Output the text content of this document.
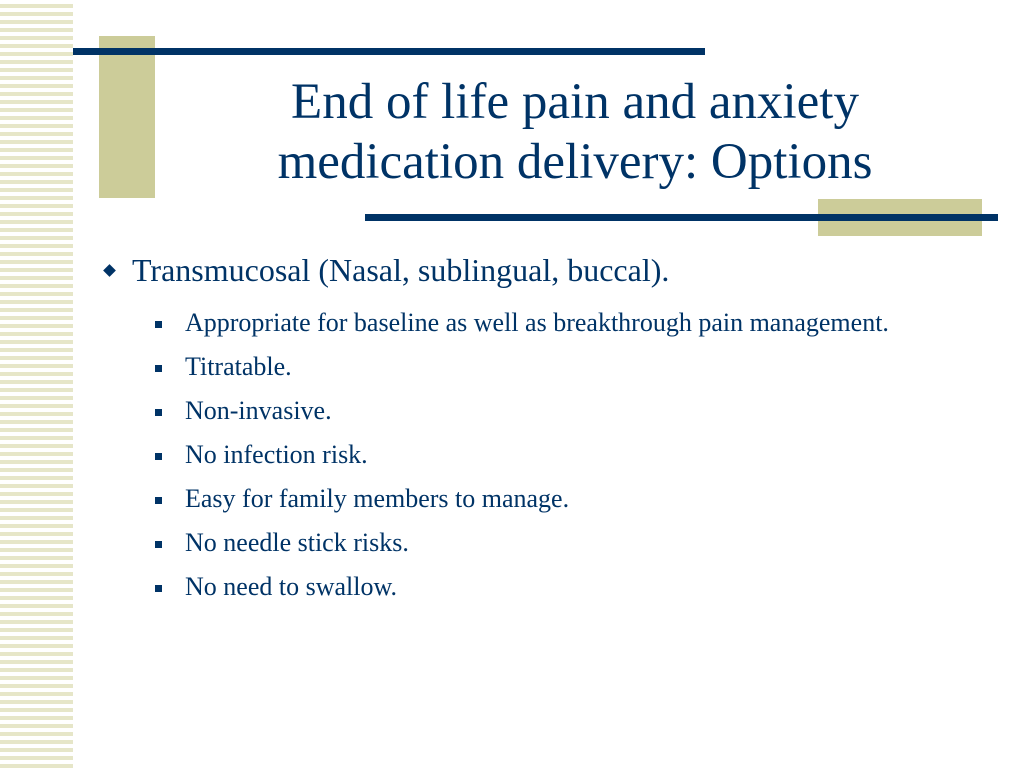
End of life pain and anxiety
medication delivery: Options
Transmucosal (Nasal, sublingual, buccal).
Appropriate for baseline as well as breakthrough pain management.
Titratable.
Non-invasive.
No infection risk.
Easy for family members to manage.
No needle stick risks.
No need to swallow.
